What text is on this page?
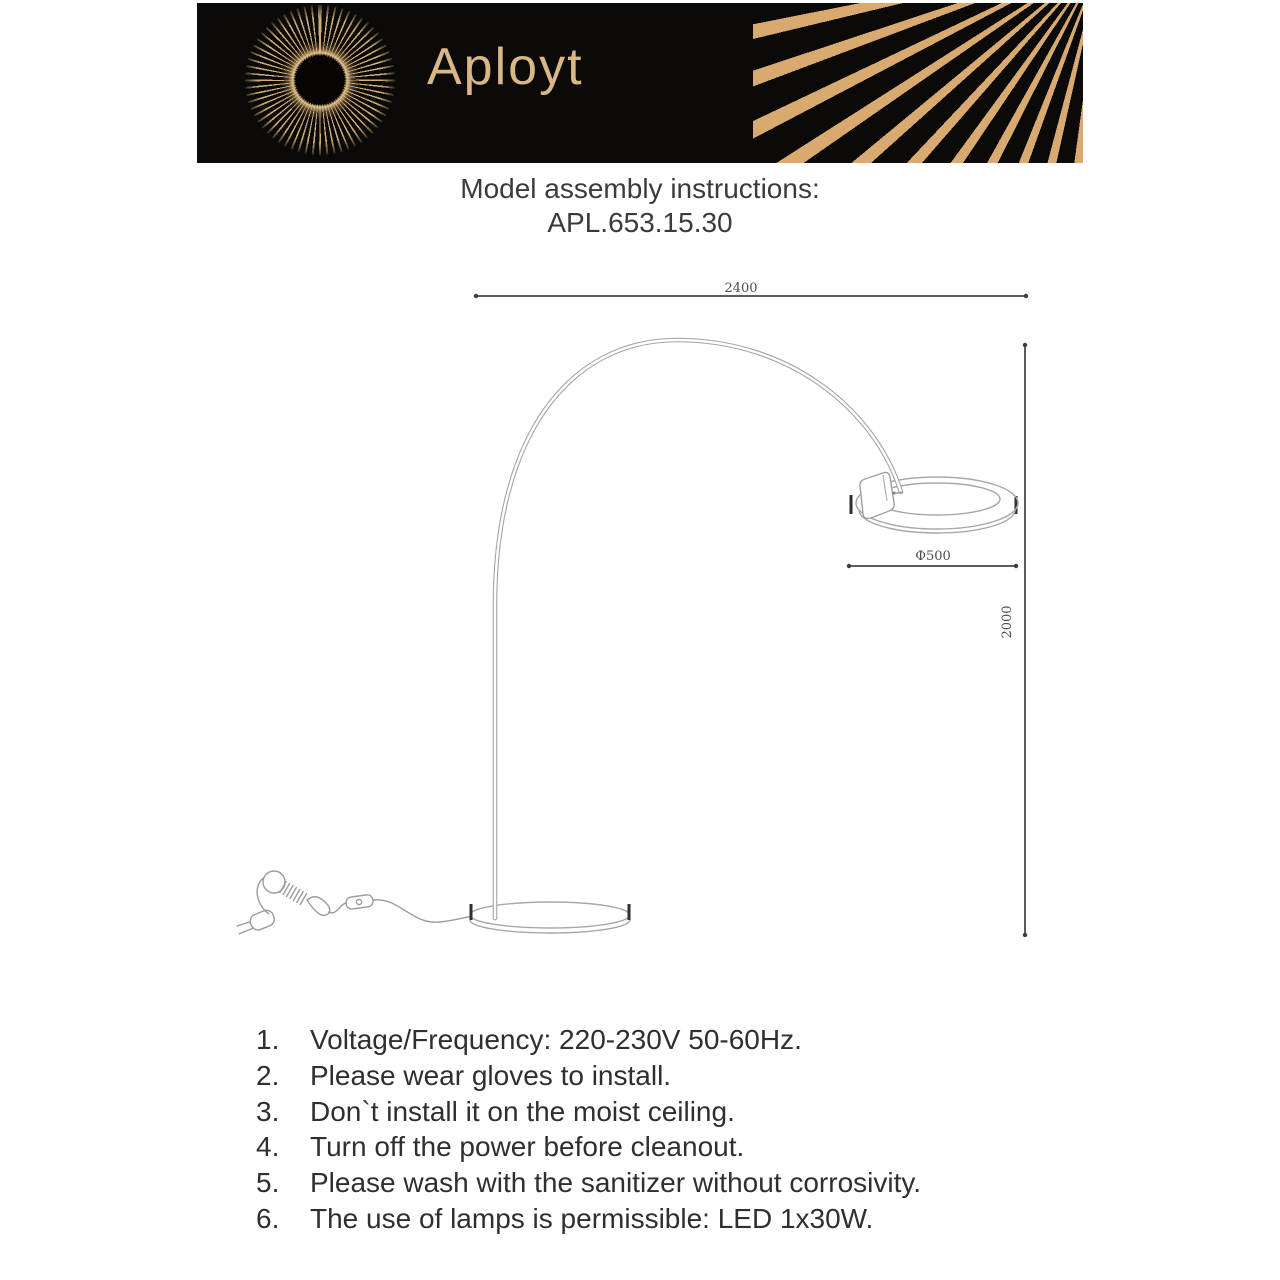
Aployt
Model assembly instructions:
APL.653.15.30
2400
2000
Ф500
1.	Voltage/Frequency: 220-230V 50-60Hz.
2.	Please wear gloves to install.
3.	Don`t install it on the moist ceiling.
4.	Turn off the power before cleanout.
5.	Please wash with the sanitizer without corrosivity.
6.	The use of lamps is permissible: LED 1x30W.
